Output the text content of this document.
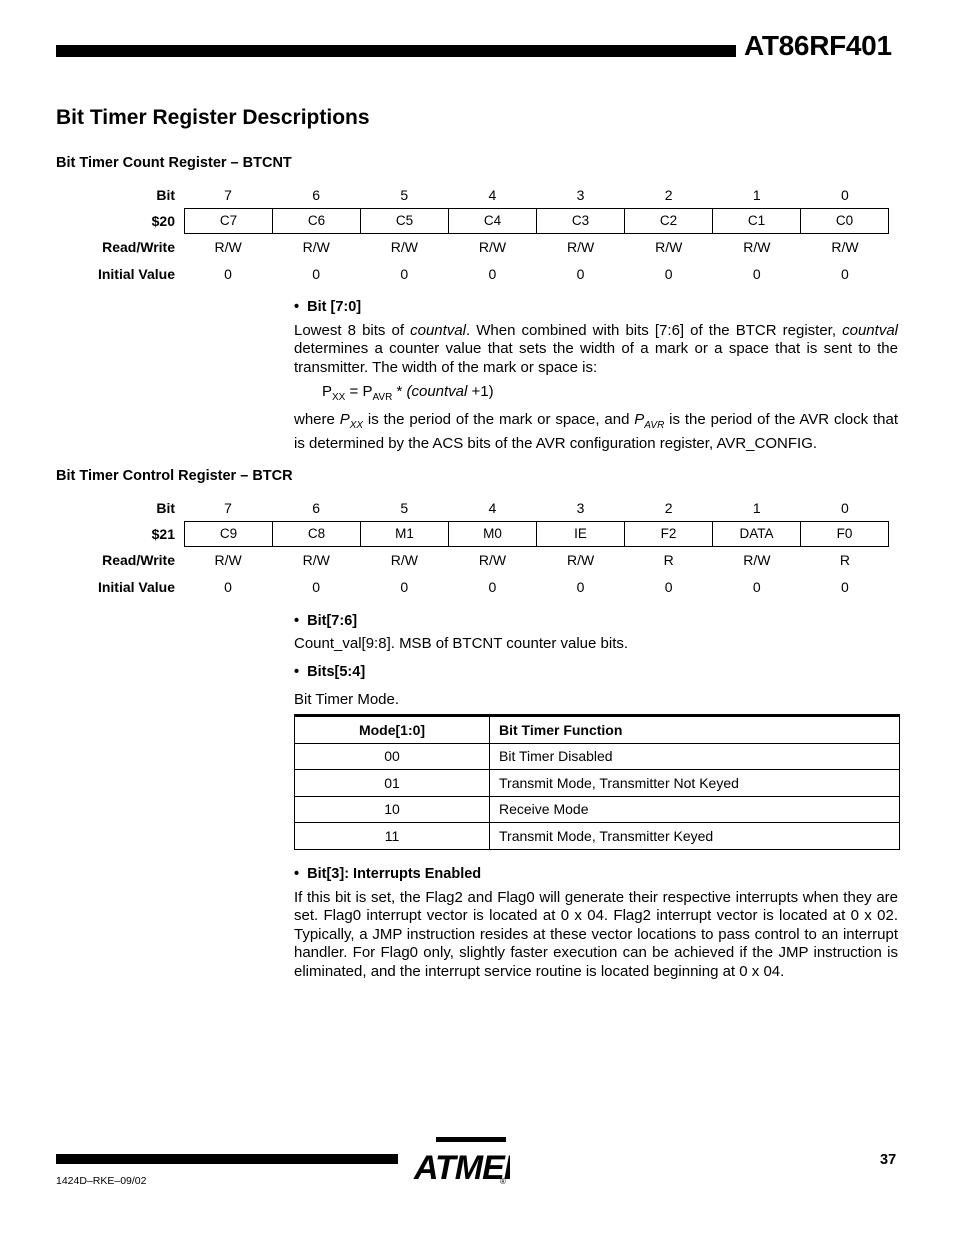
AT86RF401
Bit Timer Register Descriptions
Bit Timer Count Register – BTCNT
Bit	7	6	5	4	3	2	1	0
$20	C7	C6	C5	C4	C3	C2	C1	C0
Read/Write	R/W	R/W	R/W	R/W	R/W	R/W	R/W	R/W
Initial Value	0	0	0	0	0	0	0	0
•  Bit [7:0]
Lowest 8 bits of countval. When combined with bits [7:6] of the BTCR register, countval determines a counter value that sets the width of a mark or a space that is sent to the transmitter. The width of the mark or space is:
$P_{XX} = P_{AVR}$ * (countval +1)
where $P_{XX}$ is the period of the mark or space, and $P_{AVR}$ is the period of the AVR clock that is determined by the ACS bits of the AVR configuration register, AVR_CONFIG.
Bit Timer Control Register – BTCR
Bit	7	6	5	4	3	2	1	0
$21	C9	C8	M1	M0	IE	F2	DATA	F0
Read/Write	R/W	R/W	R/W	R/W	R/W	R	R/W	R
Initial Value	0	0	0	0	0	0	0	0
•  Bit[7:6]
Count_val[9:8]. MSB of BTCNT counter value bits.
•  Bits[5:4]
Bit Timer Mode.
Mode[1:0]	Bit Timer Function
00	Bit Timer Disabled
01	Transmit Mode, Transmitter Not Keyed
10	Receive Mode
11	Transmit Mode, Transmitter Keyed
•  Bit[3]: Interrupts Enabled
If this bit is set, the Flag2 and Flag0 will generate their respective interrupts when they are set. Flag0 interrupt vector is located at 0 x 04. Flag2 interrupt vector is located at 0 x 02. Typically, a JMP instruction resides at these vector locations to pass control to an interrupt handler. For Flag0 only, slightly faster execution can be achieved if the JMP instruction is eliminated, and the interrupt service routine is located beginning at 0 x 04.
1424D–RKE–09/02	ATME
®
37
